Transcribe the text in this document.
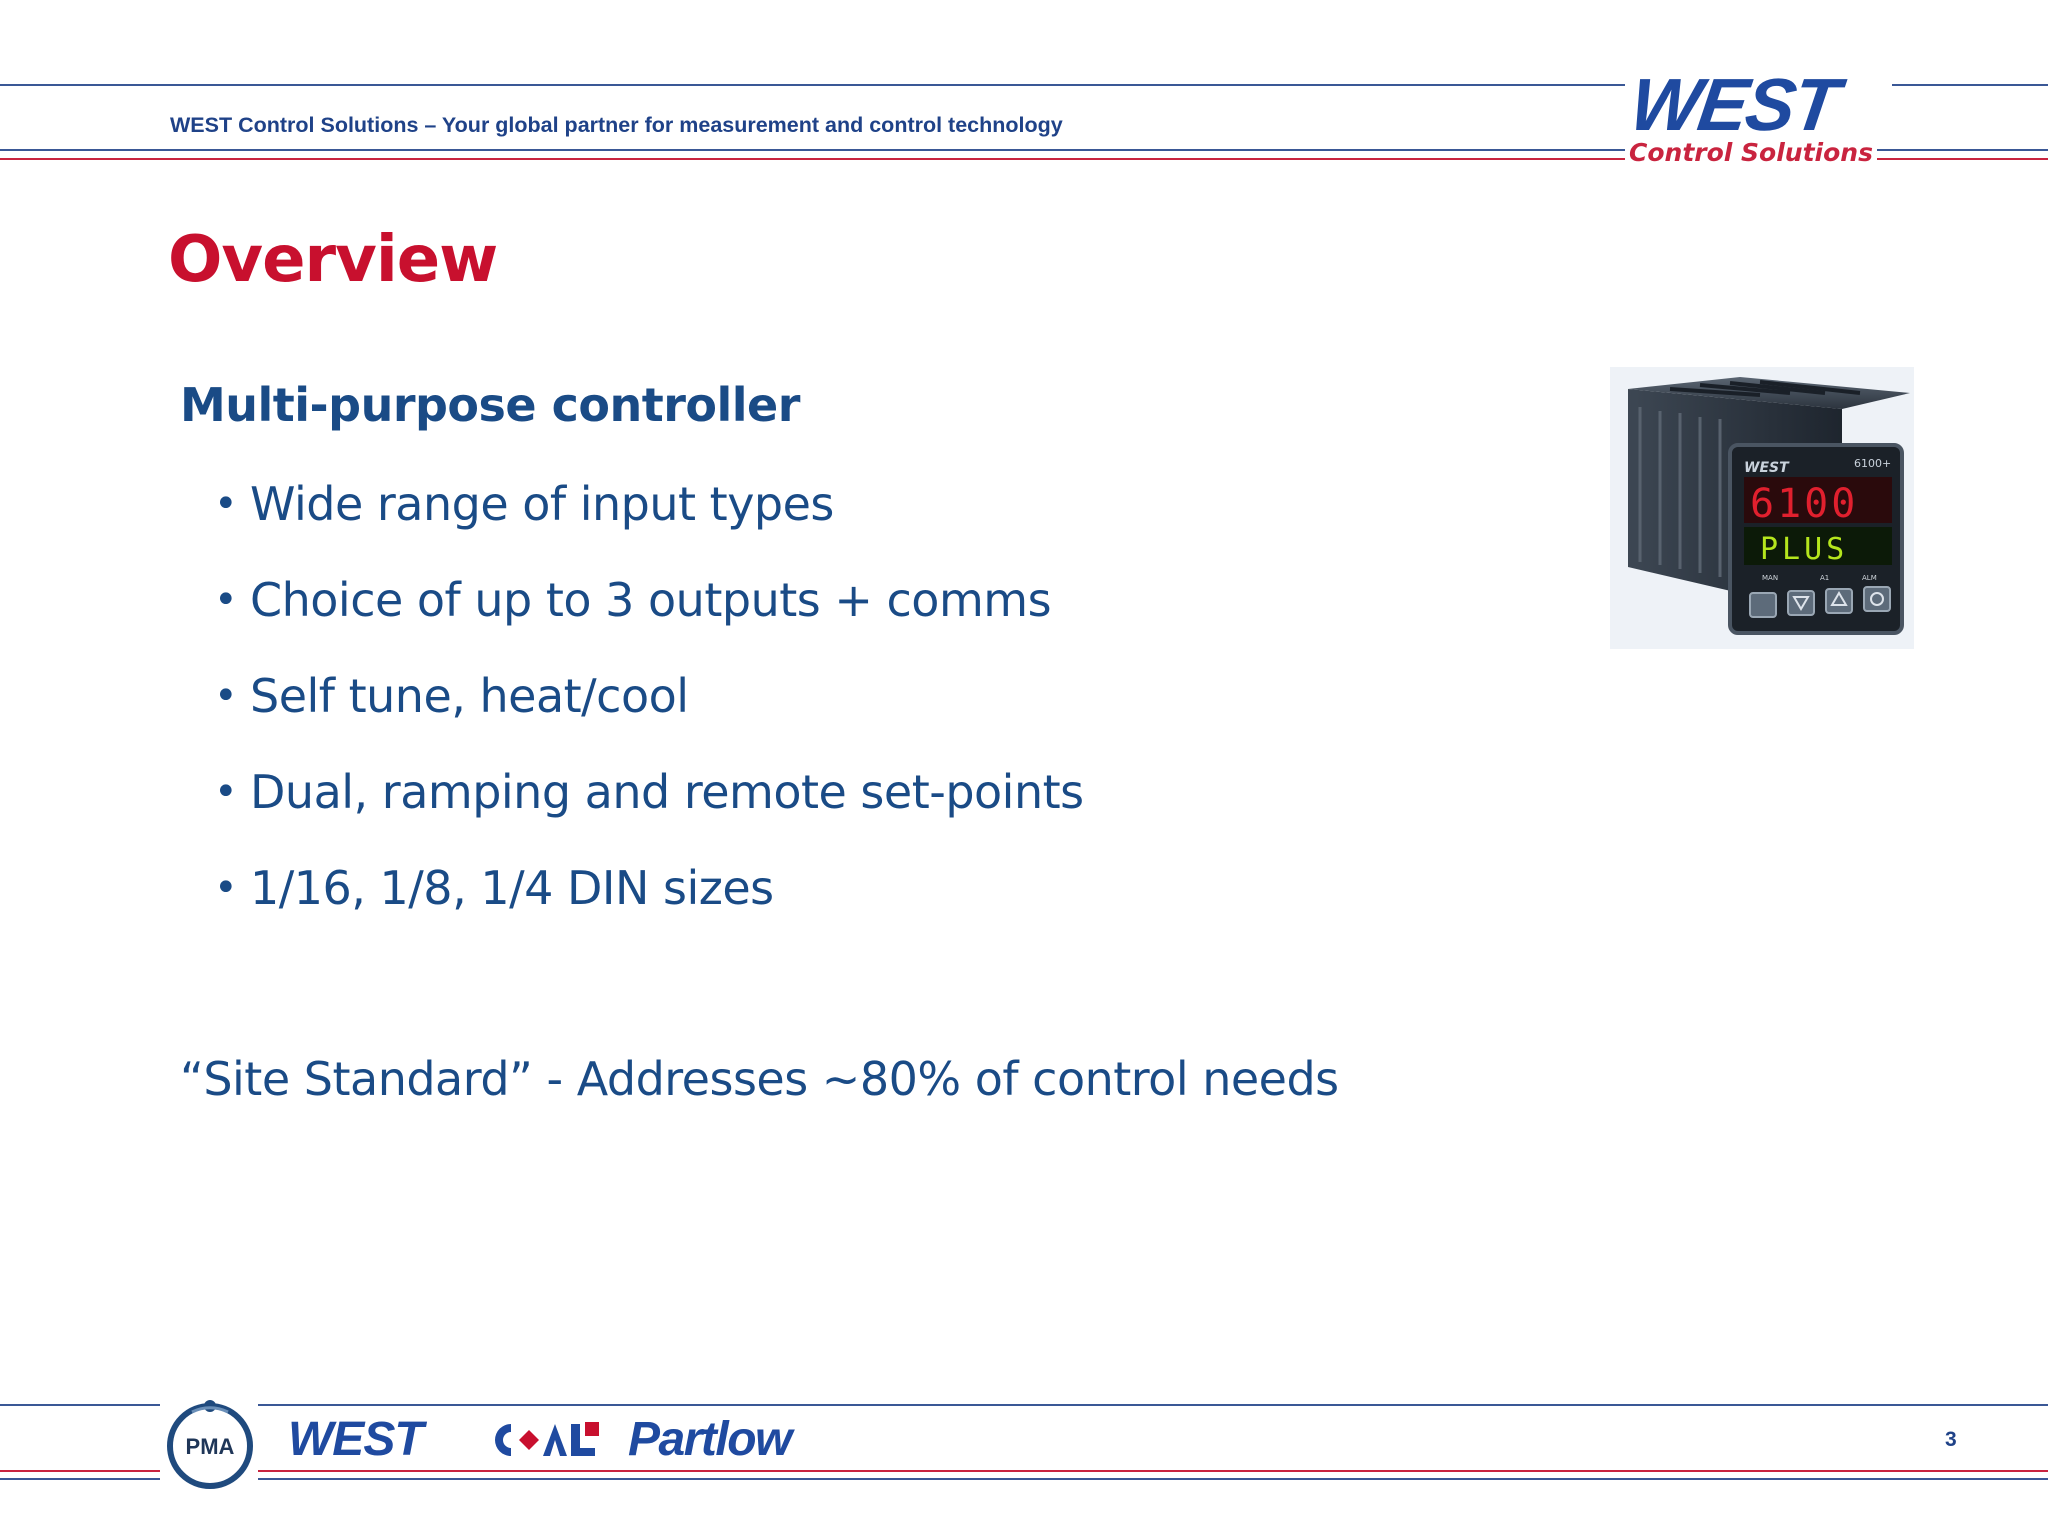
WEST Control Solutions – Your global partner for measurement and control technology	WEST
Control Solutions
Overview
Multi-purpose controller
• Wide range of input types
• Choice of up to 3 outputs + comms
• Self tune, heat/cool
• Dual, ramping and remote set-points
• 1/16, 1/8, 1/4 DIN sizes
“Site Standard” - Addresses ~80% of control needs
WEST	6100+
6100
PLUS
MAN	A1	ALM
PMA WEST	Partlow	3
